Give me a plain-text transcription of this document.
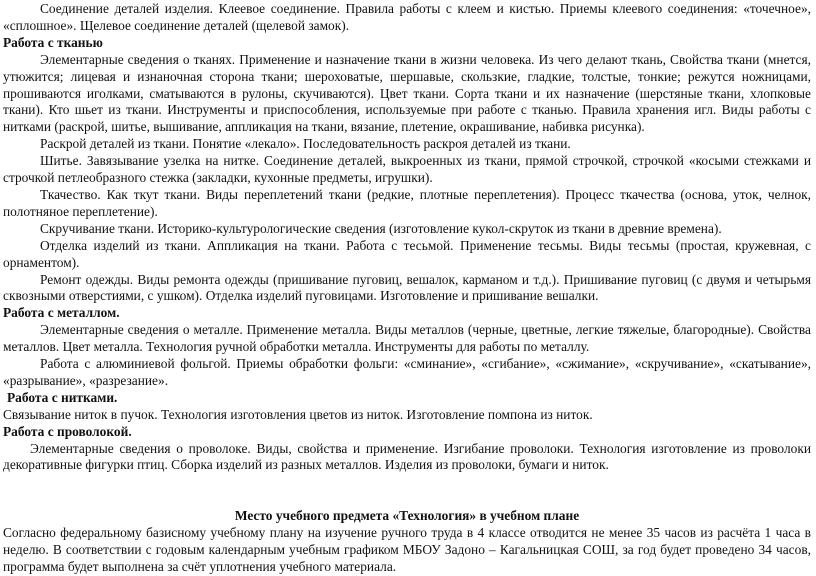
Соединение деталей изделия. Клеевое соединение. Правила работы с клеем и кистью. Приемы клеевого соединения: «точечное», «сплошное». Щелевое соединение деталей (щелевой замок).

Работа с тканью

Элементарные сведения о тканях. Применение и назначение ткани в жизни человека. Из чего делают ткань, Свойства ткани (мнется, утюжится; лицевая и изнаночная сторона ткани; шероховатые, шершавые, скользкие, гладкие, толстые, тонкие; режутся ножницами, прошиваются иголками, сматываются в рулоны, скучиваются). Цвет ткани. Сорта ткани и их назначение (шерстяные ткани, хлопковые ткани). Кто шьет из ткани. Инструменты и приспособления, используемые при работе с тканью. Правила хранения игл. Виды работы с нитками (раскрой, шитье, вышивание, аппликация на ткани, вязание, плетение, окрашивание, набивка рисунка).

Раскрой деталей из ткани. Понятие «лекало». Последовательность раскроя деталей из ткани.

Шитье. Завязывание узелка на нитке. Соединение деталей, выкроенных из ткани, прямой строчкой, строчкой «косыми стежками и строчкой петлеобразного стежка (закладки, кухонные предметы, игрушки).

Ткачество. Как ткут ткани. Виды переплетений ткани (редкие, плотные переплетения). Процесс ткачества (основа, уток, челнок, полотняное переплетение).

Скручивание ткани. Историко-культурологические сведения (изготовление кукол-скруток из ткани в древние времена).

Отделка изделий из ткани. Аппликация на ткани. Работа с тесьмой. Применение тесьмы. Виды тесьмы (простая, кружевная, с орнаментом).

Ремонт одежды. Виды ремонта одежды (пришивание пуговиц, вешалок, карманом и т.д.). Пришивание пуговиц (с двумя и четырьмя сквозными отверстиями, с ушком). Отделка изделий пуговицами. Изготовление и пришивание вешалки.

Работа с металлом.

Элементарные сведения о металле. Применение металла. Виды металлов (черные, цветные, легкие тяжелые, благородные). Свойства металлов. Цвет металла. Технология ручной обработки металла. Инструменты для работы по металлу.

Работа с алюминиевой фольгой. Приемы обработки фольги: «сминание», «сгибание», «сжимание», «скручивание», «скатывание», «разрывание», «разрезание».

Работа с нитками.

Связывание ниток в пучок. Технология изготовления цветов из ниток. Изготовление помпона из ниток.

Работа с проволокой.

Элементарные сведения о проволоке. Виды, свойства и применение. Изгибание проволоки. Технология изготовление из проволоки декоративные фигурки птиц. Сборка изделий из разных металлов. Изделия из проволоки, бумаги и ниток.

Место учебного предмета «Технология» в учебном плане

Согласно федеральному базисному учебному плану на изучение ручного труда в 4 классе отводится не менее 35 часов из расчёта 1 часа в неделю. В соответствии с годовым календарным учебным графиком МБОУ Задоно – Кагальницкая СОШ, за год будет проведено 34 часов, программа будет выполнена за счёт уплотнения учебного материала.
